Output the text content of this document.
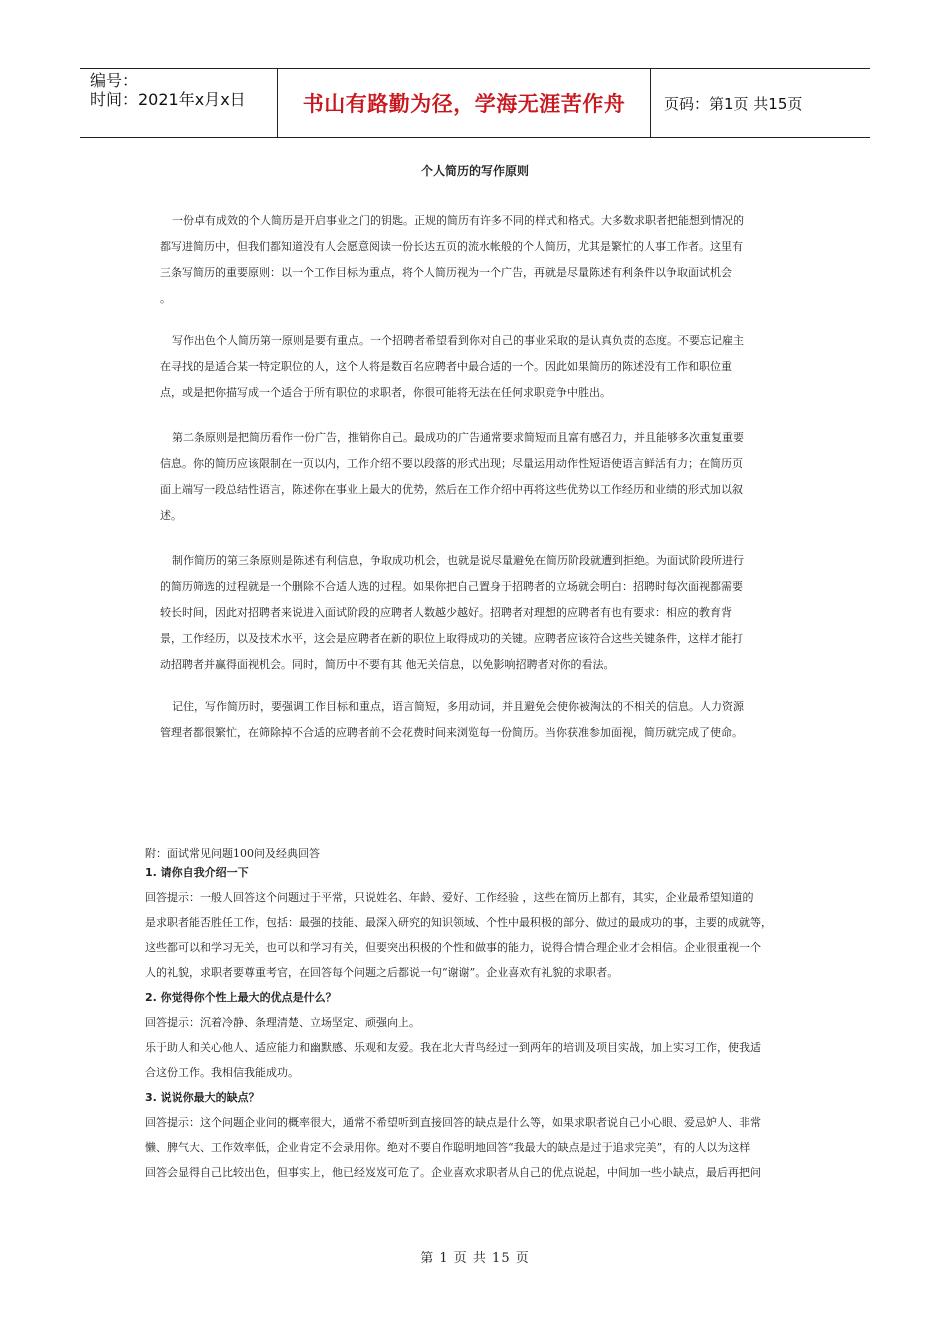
编号：
时间：2021年x月x日	书山有路勤为径，学海无涯苦作舟	页码：第1页 共15页
个人简历的写作原则
一份卓有成效的个人简历是开启事业之门的钥匙。正规的简历有许多不同的样式和格式。大多数求职者把能想到情况的
都写进简历中，但我们都知道没有人会愿意阅读一份长达五页的流水帐般的个人简历，尤其是繁忙的人事工作者。这里有
三条写简历的重要原则：以一个工作目标为重点，将个人简历视为一个广告，再就是尽量陈述有利条件以争取面试机会
。
写作出色个人简历第一原则是要有重点。一个招聘者希望看到你对自己的事业采取的是认真负责的态度。不要忘记雇主
在寻找的是适合某一特定职位的人，这个人将是数百名应聘者中最合适的一个。因此如果简历的陈述没有工作和职位重
点，或是把你描写成一个适合于所有职位的求职者，你很可能将无法在任何求职竞争中胜出。
第二条原则是把简历看作一份广告，推销你自己。最成功的广告通常要求简短而且富有感召力，并且能够多次重复重要
信息。你的简历应该限制在一页以内，工作介绍不要以段落的形式出现；尽量运用动作性短语使语言鲜活有力；在简历页
面上端写一段总结性语言，陈述你在事业上最大的优势，然后在工作介绍中再将这些优势以工作经历和业绩的形式加以叙
述。
制作简历的第三条原则是陈述有利信息，争取成功机会，也就是说尽量避免在简历阶段就遭到拒绝。为面试阶段所进行
的简历筛选的过程就是一个删除不合适人选的过程。如果你把自己置身于招聘者的立场就会明白：招聘时每次面视都需要
较长时间，因此对招聘者来说进入面试阶段的应聘者人数越少越好。招聘者对理想的应聘者有也有要求：相应的教育背
景，工作经历，以及技术水平，这会是应聘者在新的职位上取得成功的关键。应聘者应该符合这些关键条件，这样才能打
动招聘者并赢得面视机会。同时，简历中不要有其 他无关信息，以免影响招聘者对你的看法。
记住，写作简历时，要强调工作目标和重点，语言简短，多用动词，并且避免会使你被淘汰的不相关的信息。人力资源
管理者都很繁忙，在筛除掉不合适的应聘者前不会花费时间来浏览每一份简历。当你获准参加面视，简历就完成了使命。
附：面试常见问题100问及经典回答
1. 请你自我介绍一下
回答提示：一般人回答这个问题过于平常，只说姓名、年龄、爱好、工作经验 ，这些在简历上都有，其实，企业最希望知道的
是求职者能否胜任工作，包括：最强的技能、最深入研究的知识领域、个性中最积极的部分、做过的最成功的事，主要的成就等，
这些都可以和学习无关，也可以和学习有关，但要突出积极的个性和做事的能力，说得合情合理企业才会相信。企业很重视一个
人的礼貌，求职者要尊重考官，在回答每个问题之后都说一句“谢谢”。企业喜欢有礼貌的求职者。
2. 你觉得你个性上最大的优点是什么？
回答提示：沉着冷静、条理清楚、立场坚定、顽强向上。
乐于助人和关心他人、适应能力和幽默感、乐观和友爱。我在北大青鸟经过一到两年的培训及项目实战，加上实习工作，使我适
合这份工作。我相信我能成功。
3. 说说你最大的缺点？
回答提示：这个问题企业问的概率很大，通常不希望听到直接回答的缺点是什么等，如果求职者说自己小心眼、爱忌妒人、非常
懒、脾气大、工作效率低，企业肯定不会录用你。绝对不要自作聪明地回答“我最大的缺点是过于追求完美”，有的人以为这样
回答会显得自己比较出色，但事实上，他已经岌岌可危了。企业喜欢求职者从自己的优点说起，中间加一些小缺点，最后再把问
第 1 页 共 15 页
